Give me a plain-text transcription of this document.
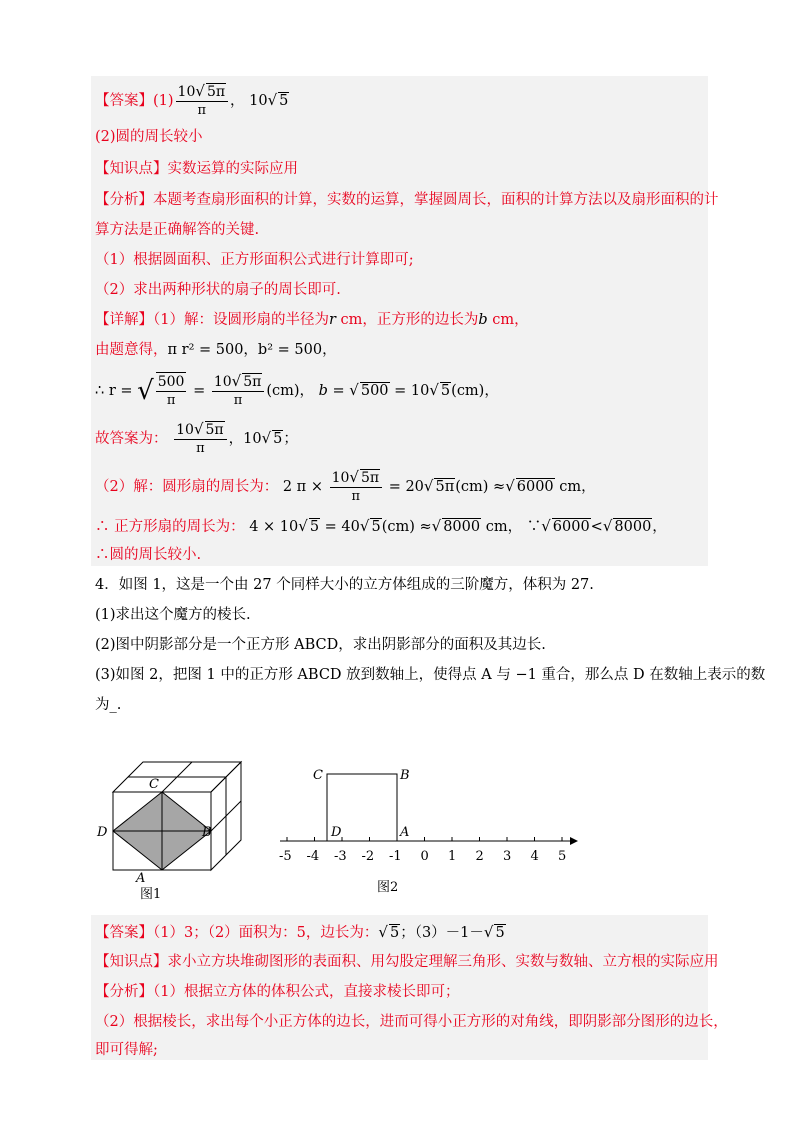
【答案】$(1) \frac{10√ 5\pi}{\pi}$ ， 10√ 5
(2)圆的周长较小
【知识点】实数运算的实际应用
【分析】本题考查扇形面积的计算，实数的运算，掌握圆周长，面积的计算方法以及扇形面积的计
算方法是正确解答的关键.
（1）根据圆面积、正方形面积公式进行计算即可;
（2）求出两种形状的扇子的周长即可.
【详解】（1）解：设圆形扇的半径为r cm，正方形的边长为b cm，
由题意得，π r² = 500，b² = 500，
∴ r = √ $\frac{500}{\pi} = \frac{10√ 5\pi}{\pi} (cm)$， b = √ 500 = 10√ 5(cm)，
故答案为： $\frac{10√ 5\pi}{\pi}$ ，10√ 5；
（2）解：圆形扇的周长为： 2 $\pi \times \frac{10√ 5\pi}{\pi} = 20√$ 5π(cm) ≈√ 6000 cm，
∴ 正方形扇的周长为： 4 × 10√ 5 = 40√ 5(cm) ≈√ 8000 cm， ∵√ 6000<√ 8000，
∴圆的周长较小.
4．如图 1，这是一个由 27 个同样大小的立方体组成的三阶魔方，体积为 27.
(1)求出这个魔方的棱长.
(2)图中阴影部分是一个正方形 ABCD，求出阴影部分的面积及其边长.
(3)如图 2，把图 1 中的正方形 ABCD 放到数轴上，使得点 A 与 −1 重合，那么点 D 在数轴上表示的数
为_.
C
D	B
A
图1
C	B
D	A
-5 -4 -3 -2 -1 0 1 2 3 4 5
图2
【答案】（1）3；（2）面积为：5，边长为：√ 5；（3）－1－√ 5
【知识点】求小立方块堆砌图形的表面积、用勾股定理解三角形、实数与数轴、立方根的实际应用
【分析】（1）根据立方体的体积公式，直接求棱长即可；
（2）根据棱长，求出每个小正方体的边长，进而可得小正方形的对角线，即阴影部分图形的边长，
即可得解;
